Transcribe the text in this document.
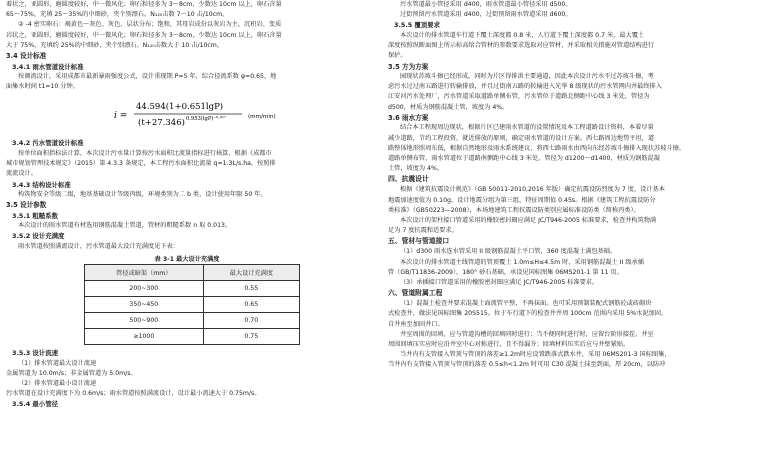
着状之，亚圆形，磨圆度较好，中一微风化；卵石粒径多为 3～8cm，少数达 10cm 以上，卵石含量

65～75%，充填 25～35%的中细砂，夹个别漂石。N₁₂₀击数 7～10 击/10cm。

② -4 密实卵石：褐黄色～灰色、灰色、层状分布；饱和，其母岩成份以灰岩为主，沉积岩、变质

岩状之，亚圆形，磨圆度较好，中一微风化；卵石粒径多为 3～8cm，少数达 10cm 以上，卵石含量

大于 75%，充填约 25%的中细砂，夹个别漂石。N₁₂₀击数大于 10 击/10cm。

3.4 设计标准

3.4.1 雨水管道设计标准

按调流设计，采用成都市最新暴雨强度公式，设计重现期 P=5 年，综合径流系数 φ=0.65，地

面集水时间 t1=10 分钟。

i =
44.594(1+0.651lgP)
(t+27.346) 0.953(lgP)⁻⁰·⁰¹⁷	(mm/min)

3.4.2 污水管道设计标准

按单位面积指标法计算，本次设计污水量计算按污水面积比流量指标进行核算，根据《成都市

城市规划管理技术规定》（2015）第 4.3.3 条规定，本工程污水面积比流量 q=1.3L/s.ha，按照排

流流设计。

3.4.3 结构设计标准

构筑物安全等级二级，地基基础设计等级丙级，环境类别为二 b 类，设计使用年限 50 年。

3.5 设计参数

3.5.1 粗糙系数

本次设计的雨水管道有材选用钢筋混凝土管道，管材的粗糙系数 n 取 0.013。

3.5.2 设计充满度

雨水管道按照满流设计，污水管道最大设计充满度见下表：

表 3-1 最大设计充满度

管径或暗渠（mm）	最大设计充满度
200~300	0.55
350~450	0.65
500~900	0.70
≥1000	0.75

3.5.3 设计流速

（1）排水管道最大设计流速

金属管道为 10.0m/s；非金属管道为 5.0m/s。

（2）排水管道最小设计流速

污水管道在设计充满度下为 0.6m/s；雨水管道按照满流设计，设计最小流速大于 0.75m/s。

3.5.4 最小管径

污水管道最小管径采用 d400，雨水管道最小管径采用 d500。

过街预留污水管道采用 d400，过街预留雨水管道采用 d600。

3.5.5 覆顶要求

本次设计的排水管道车行道下覆土深度都 0.8 米，人行道下覆土深度都 0.7 米，最大覆土

深度按照纵断面图上所示标高给合管材的参数要求选取对应管材，并采取相关措施对管道结构进行

保护。

3.5 方为方案

园现状苏坡斗擦已经形成，同时为片区得排洪主要通道，因此本次设计污水不过苏坡斗擦，考

虑污水过过南五路进行转输排放，并且过街南五路的转输进入光华 8 级现状的污水管网内并最终排入

江安河污水处理厂，污水管道采取道路单侧布管，污水管位于道路北侧距中心线 3 米处，管径为

d500，材质为钢筋混凝土管，坡度为 4%。

3.6 雨水方案

结合本工程现周边现状，根据片区已建雨水管道的设置情况及本工程道路设计资料，本着尽量

减少道路，节约工程投资，就近排放的原则，确定雨水管道的设计方案。西七路周边地势平坦，道

路整体地形照周东低，根据自然地形及雨水系统建议，将西七路雨水由西向东经苏坡斗擦排入现状苏坡斗擦。

道路单侧布管，雨水管道位于道路南侧距中心线 3 米处，管径为 d1200～d1400，材质为钢筋混凝

土管，坡度为 4%。

四、抗震设计

根据《建筑抗震设计规范》（GB 50011-2010,2016 年版）确定抗震设防烈度为 7 度，设计基本

地震加速度值为 0.10g，设计地震分组为第三组，特征周期值 0.45s。根据《建筑工程抗震设防分

类标准》（GB50223—2008），本场地建筑工程抗震设防类别应属标准设防类（简称丙类）。

本次设计的架柱接口管道采用的橡胶密封圈应满足 JC/T946-2005 标准要求，检查井构筑物满

足为 7 度抗震和适要求。

五、管材与管道接口

（1）d300 雨水连水管采用 II 级钢筋混凝土平口管，360 度混凝土满包基础。

本次设计的排水管道主线管道的管顶覆土 1.0m≤H≤4.5m 时，采用钢筋混凝土 II 级承插

管（GB/T11836-2009），180° 砂石基础，承设见国标图集 06MS201-1 第 11 页。

（3）承插接口管道采用的橡胶密封圈应满足 JC/T946-2005 标准要求。

六、管道附属工程

（1）混凝土检查井要求混凝土面流管平整，不再抹面。也可采用预制装配式钢筋砼或砖砌块

式检查井，做法见国标图集 20S515。位于车行道下的检查井井周 100cm 范围内采用 5%水泥加固，

自井座至加固井口。

井室周围的回填，应与管道沟槽的回填同时进行；当不便同时进行时，应留台阶形接茬，井室

周围回填压实应时应沿井室中心对称进行，且不得漏夯；回填材料压实后应与井壁紧贴。

当井内有支管接入管顶与管顶的落差≥1.2m时应设置跌落式跌水井，采用 06MS201-3 国标图集，

当井内有支管接入管顶与管顶的落差 0.5≤h<1.2m 时可用 C30 混凝土抹至到面，厚 20cm，以防冲
